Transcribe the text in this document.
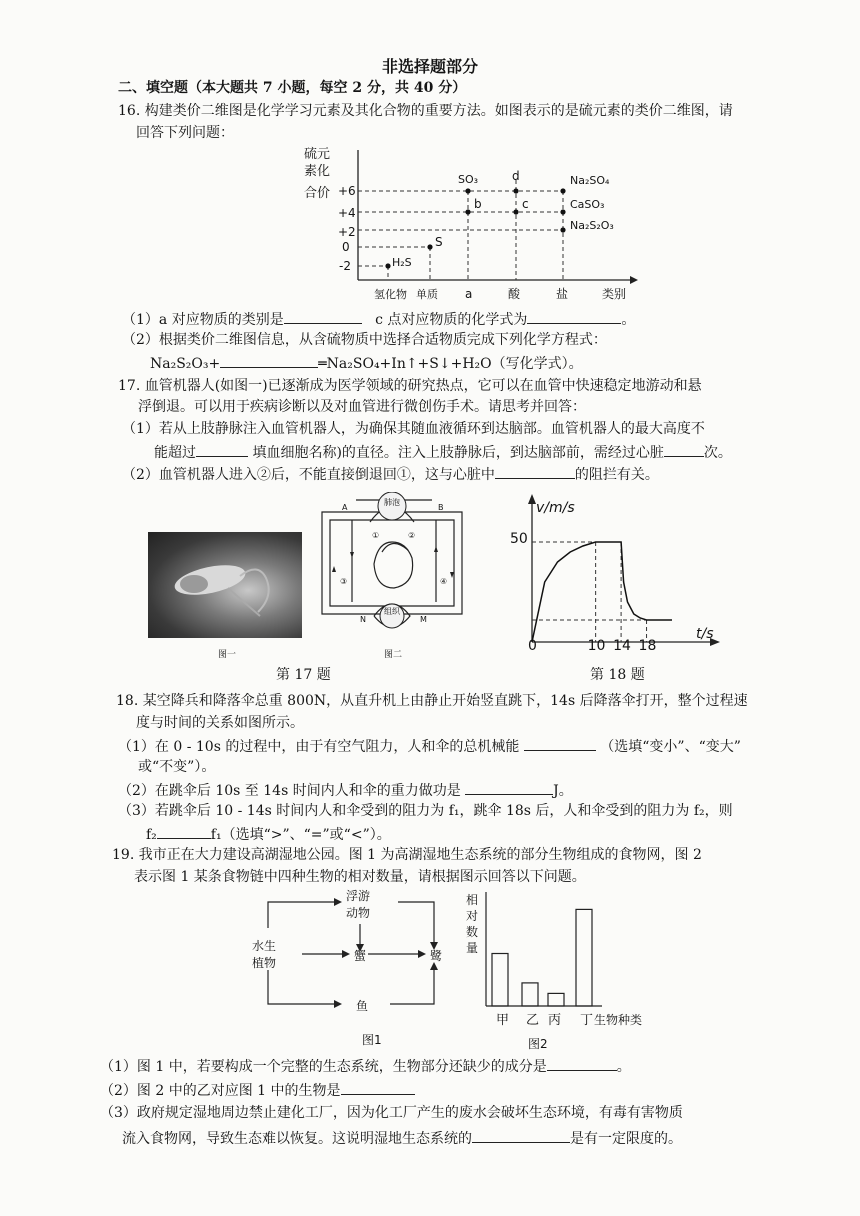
非选择题部分
二、填空题（本大题共 7 小题，每空 2 分，共 40 分）
16. 构建类价二维图是化学学习元素及其化合物的重要方法。如图表示的是硫元素的类价二维图，请
回答下列问题：
硫元
素化
合价 +6
+4
+2
0
-2	H₂S
S
SO₃	d
b	c
Na₂SO₄
CaSO₃
Na₂S₂O₃
氢化物 单质 a	酸	盐	类别
（1）a 对应物质的类别是	c 点对应物质的化学式为	。
（2）根据类价二维图信息，从含硫物质中选择合适物质完成下列化学方程式：
Na₂S₂O₃+	═Na₂SO₄+In↑+S↓+H₂O（写化学式）。
17. 血管机器人(如图一)已逐渐成为医学领域的研究热点，它可以在血管中快速稳定地游动和悬
浮倒退。可以用于疾病诊断以及对血管进行微创伤手术。请思考并回答：
（1）若从上肢静脉注入血管机器人，为确保其随血液循环到达脑部。血管机器人的最大高度不
能超过	填血细胞名称)的直径。注入上肢静脉后，到达脑部前，需经过心脏	次。
（2）血管机器人进入②后，不能直接倒退回①，这与心脏中	的阻拦有关。
图一
肺泡
A	B
组织
N	M
①	②
③	④
图二
第 17 题
v/m/s
t/s
50
0	10 14 18
第 18 题
18. 某空降兵和降落伞总重 800N，从直升机上由静止开始竖直跳下，14s 后降落伞打开，整个过程速
度与时间的关系如图所示。
（1）在 0 - 10s 的过程中，由于有空气阻力，人和伞的总机械能	（选填“变小”、“变大”
或“不变”）。
（2）在跳伞后 10s 至 14s 时间内人和伞的重力做功是	J。
（3）若跳伞后 10 - 14s 时间内人和伞受到的阻力为 f₁，跳伞 18s 后，人和伞受到的阻力为 f₂，则
f₂	f₁（选填“>”、“=”或“<”）。
19. 我市正在大力建设高湖湿地公园。图 1 为高湖湿地生态系统的部分生物组成的食物网，图 2
表示图 1 某条食物链中四种生物的相对数量，请根据图示回答以下问题。
浮游
动物
水生
植物	蟹	鹭
鱼
图1
相
对
数
量
甲 乙 丙 丁 生物种类
图2
（1）图 1 中，若要构成一个完整的生态系统，生物部分还缺少的成分是	。
（2）图 2 中的乙对应图 1 中的生物是
（3）政府规定湿地周边禁止建化工厂，因为化工厂产生的废水会破坏生态环境，有毒有害物质
流入食物网，导致生态难以恢复。这说明湿地生态系统的	是有一定限度的。
